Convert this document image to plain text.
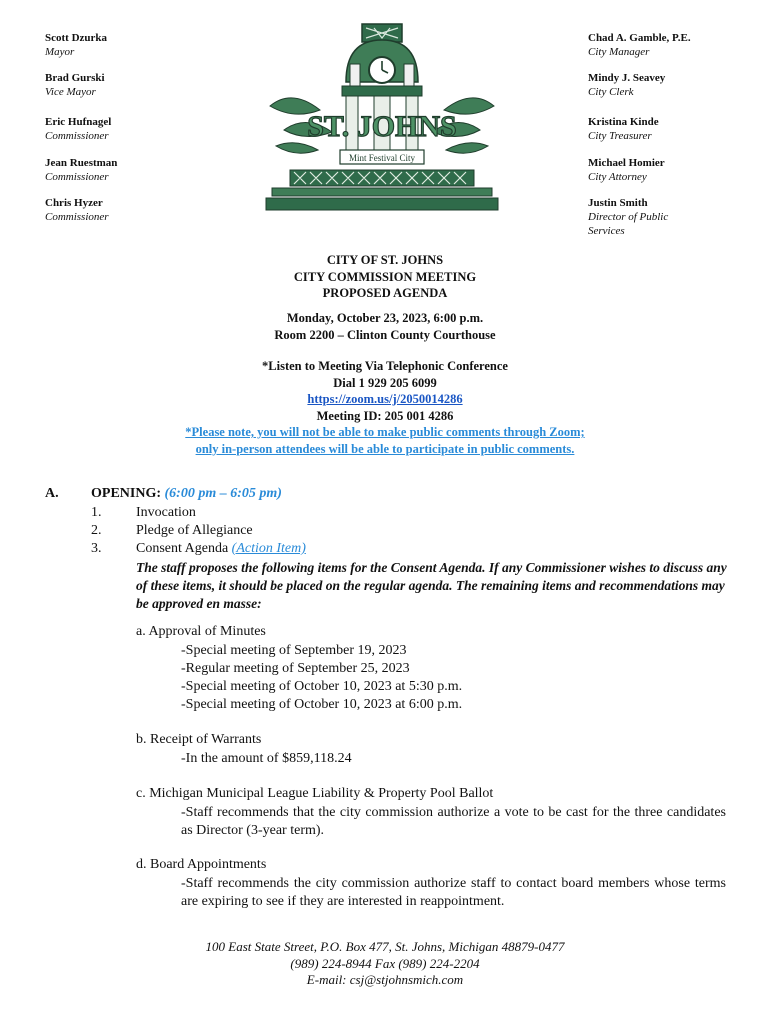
Scott Dzurka
Mayor
Brad Gurski
Vice Mayor
Eric Hufnagel
Commissioner
Jean Ruestman
Commissioner
Chris Hyzer
Commissioner
Chad A. Gamble, P.E.
City Manager
Mindy J. Seavey
City Clerk
Kristina Kinde
City Treasurer
Michael Homier
City Attorney
Justin Smith
Director of Public
Services
ST. JOHNS
Mint Festival City
CITY OF ST. JOHNS
CITY COMMISSION MEETING
PROPOSED AGENDA
Monday, October 23, 2023, 6:00 p.m.
Room 2200 – Clinton County Courthouse
*Listen to Meeting Via Telephonic Conference
Dial 1 929 205 6099
https://zoom.us/j/2050014286
Meeting ID: 205 001 4286
*Please note, you will not be able to make public comments through Zoom;
only in-person attendees will be able to participate in public comments.
A. OPENING: (6:00 pm – 6:05 pm)
1. Invocation
2. Pledge of Allegiance
3. Consent Agenda (Action Item)
The staff proposes the following items for the Consent Agenda. If any Commissioner wishes to discuss any of these items, it should be placed on the regular agenda. The remaining items and recommendations may be approved en masse:
a. Approval of Minutes
-Special meeting of September 19, 2023
-Regular meeting of September 25, 2023
-Special meeting of October 10, 2023 at 5:30 p.m.
-Special meeting of October 10, 2023 at 6:00 p.m.
b. Receipt of Warrants
-In the amount of $859,118.24
c. Michigan Municipal League Liability & Property Pool Ballot
-Staff recommends that the city commission authorize a vote to be cast for the three candidates as Director (3-year term).
d. Board Appointments
-Staff recommends the city commission authorize staff to contact board members whose terms are expiring to see if they are interested in reappointment.
100 East State Street, P.O. Box 477, St. Johns, Michigan 48879-0477
(989) 224-8944 Fax (989) 224-2204
E-mail: csj@stjohnsmich.com
